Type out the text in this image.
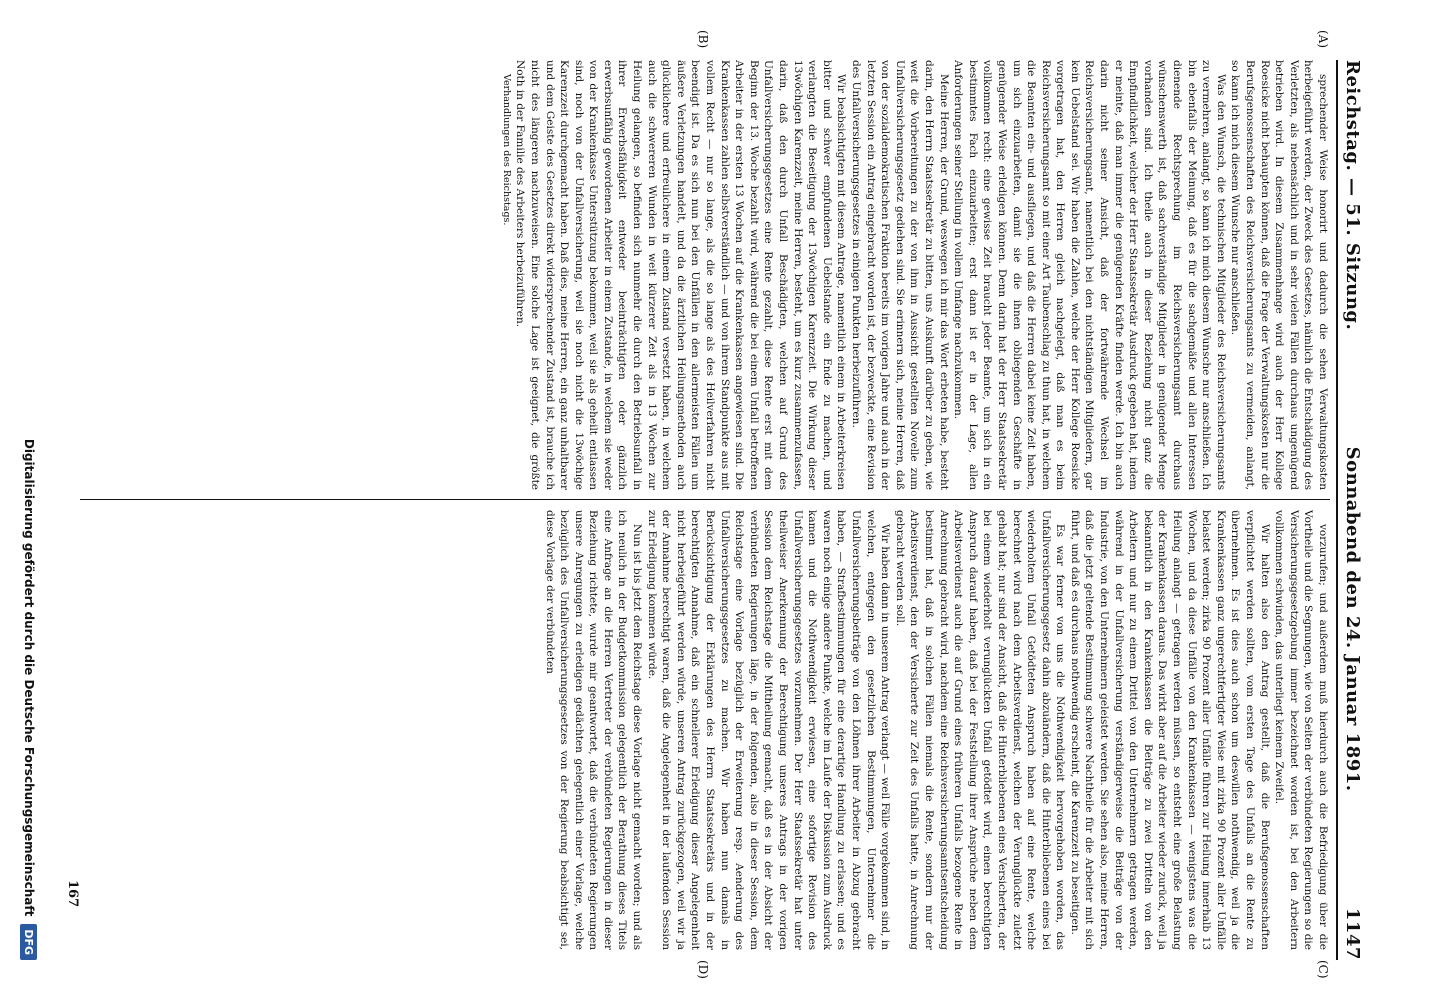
Reichstag. — 51. Sitzung.
Sonnabend den 24. Januar 1891.
1147
(A)
(B)
(C)
(D)

sprechender Weise honorirt und dadurch die sehen Verwaltungskosten herbeigeführt werden, der Zweck des Gesetzes, nämlich die Entschädigung des Verletzten, als nebensächlich und in sehr vielen Fällen durchaus ungenügend betrieben wird. In diesem Zusammenhange wird auch der Herr Kollege Roesicke nicht behaupten können, daß die Frage der Verwaltungskosten nur die Berufsgenossenschaften des Reichsversicherungsamts zu vermeiden, anlangt, so kann ich mich diesem Wunsche nur anschließen.

Was den Wunsch, die technischen Mitglieder des Reichsversicherungsamts zu vermehren, anlangt, so kann ich mich diesem Wunsche nur anschließen. Ich bin ebenfalls der Meinung, daß es für die sachgemäße und allen Interessen dienende Rechtsprechung im Reichsversicherungsamt durchaus wünschenswerth ist, daß sachverständige Mitglieder in genügender Menge vorhanden sind. Ich theile auch in dieser Beziehung nicht ganz die Empfindlichkeit, welcher der Herr Staatssekretär Ausdruck gegeben hat, indem er meinte, daß man immer die genügenden Kräfte finden werde. Ich bin auch darin nicht seiner Ansicht, daß der fortwährende Wechsel im Reichsversicherungsamt, namentlich bei den nichtständigen Mitgliedern, gar kein Uebelstand sei. Wir haben die Zahlen, welche der Herr Kollege Roesicke vorgetragen hat, den Herren gleich nachgelegt, daß man es beim Reichsversicherungsamt so mit einer Art Taubenschlag zu thun hat, in welchem die Beamten ein- und ausfliegen, und daß die Herren dabei keine Zeit haben, um sich einzuarbeiten, damit sie die ihnen obliegenden Geschäfte in genügender Weise erledigen können. Denn darin hat der Herr Staatssekretär vollkommen recht: eine gewisse Zeit braucht jeder Beamte, um sich in ein bestimmtes Fach einzuarbeiten; erst dann ist er in der Lage, allen Anforderungen seiner Stellung in vollem Umfange nachzukommen.

Meine Herren, der Grund, weswegen ich mir das Wort erbeten habe, besteht darin, den Herrn Staatssekretär zu bitten, uns Auskunft darüber zu geben, wie weit die Vorbereitungen zu der von ihm in Aussicht gestellten Novelle zum Unfallversicherungsgesetz gediehen sind. Sie erinnern sich, meine Herren, daß von der sozialdemokratischen Fraktion bereits im vorigen Jahre und auch in der letzten Session ein Antrag eingebracht worden ist, der bezweckte, eine Revision des Unfallversicherungsgesetzes in einigen Punkten herbeizuführen.

Wir beabsichtigten mit diesem Antrage, namentlich einem in Arbeiterkreisen bitter und schwer empfundenen Uebelstande ein Ende zu machen, und verlangten die Beseitigung der 13wöchigen Karenzzeit. Die Wirkung dieser 13wöchigen Karenzzeit, meine Herren, besteht, um es kurz zusammenzufassen, darin, daß den durch Unfall Beschädigten, welchen auf Grund des Unfallversicherungsgesetzes eine Rente gezahlt, diese Rente erst mit dem Beginn der 13. Woche bezahlt wird, während die bei einem Unfall betroffenen Arbeiter in der ersten 13 Wochen auf die Krankenkassen angewiesen sind. Die Krankenkassen zahlen selbstverständlich — und von ihrem Standpunkte aus mit vollem Recht — nur so lange, als die so lange als des Heilverfahren nicht beendigt ist. Da es sich nun bei den Unfällen in den allermeisten Fällen um äußere Verletzungen handelt, und da die ärztlichen Heilungsmethoden auch glücklichere und erfreulichere in einem Zustand versetzt haben, in welchem auch die schwereren Wunden in weit kürzerer Zeit als in 13 Wochen zur Heilung gelangen, so befinden sich nunmehr die durch den Betriebsunfall in ihrer Erwerbsfähigkeit entweder beeinträchtigten oder gänzlich erwerbsunfähig gewordenen Arbeiter in einem Zustande, in welchem sie weder von der Krankenkasse Unterstützung bekommen, weil sie als geheilt entlassen sind, noch von der Unfallversicherung, weil sie noch nicht die 13wöchige Karenzzeit durchgemacht haben. Daß dies, meine Herren, ein ganz unhaltbarer und dem Geiste des Gesetzes direkt widersprechender Zustand ist, brauche ich nicht des längeren nachzuweisen. Eine solche Lage ist geeignet, die größte Noth in der Familie des Arbeiters herbeizuführen.

Verhandlungen des Reichstags.

vorzurufen; und außerdem muß hierdurch auch die Befriedigung über die Vortheile und die Segnungen, wie von Seiten der verbündeten Regierungen so die Versicherungsgesetzgebung immer bezeichnet worden ist, bei den Arbeitern vollkommen schwinden, das unterliegt keinem Zweifel.

Wir halten also den Antrag gestellt, daß die Berufsgenossenschaften verpflichtet werden sollten, vom ersten Tage des Unfalls an die Rente zu übernehmen. Es ist dies auch schon um deswillen nothwendig, weil ja die Krankenkassen ganz ungerechtfertigter Weise mit zirka 90 Prozent aller Unfälle belastet werden; zirka 90 Prozent aller Unfälle führen zur Heilung innerhalb 13 Wochen, und da diese Unfälle von den Krankenkassen — wenigstens was die Heilung anlangt — getragen werden müssen, so entsteht eine große Belastung der Krankenkassen daraus. Das wirkt aber auf die Arbeiter wieder zurück, weil ja bekanntlich in den Krankenkassen die Beiträge zu zwei Dritteln von den Arbeitern und nur zu einem Drittel von den Unternehmern getragen werden, während in der Unfallversicherung verständigerweise die Beiträge von der Industrie, von den Unternehmern geleistet werden. Sie sehen also, meine Herren, daß die jetzt geltende Bestimmung schwere Nachtheile für die Arbeiter mit sich führt, und daß es durchaus nothwendig erscheint, die Karenzzeit zu beseitigen.

Es war ferner von uns die Nothwendigkeit hervorgehoben worden, das Unfallversicherungsgesetz dahin abzuändern, daß die Hinterbliebenen eines bei wiederholtem Unfall Getödteten Anspruch haben auf eine Rente, welche berechnet wird nach dem Arbeitsverdienst, welchen der Verunglückte zuletzt gehabt hat; nur sind der Ansicht, daß die Hinterbliebenen eines Versicherten, der bei einem wiederholt verunglückten Unfall getödtet wird, einen berechtigten Anspruch darauf haben, daß bei der Feststellung ihrer Ansprüche neben dem Arbeitsverdienst auch die auf Grund eines früheren Unfalls bezogene Rente in Anrechnung gebracht wird, nachdem eine Reichsversicherungsamtsentscheidung bestimmt hat, daß in solchen Fällen niemals die Rente, sondern nur der Arbeitsverdienst, den der Versicherte zur Zeit des Unfalls hatte, in Anrechnung gebracht werden soll.

Wir haben dann in unserem Antrag verlangt — weil Fälle vorgekommen sind, in welchen, entgegen den gesetzlichen Bestimmungen, Unternehmer die Unfallversicherungsbeiträge von den Löhnen ihrer Arbeiter in Abzug gebracht haben, — Strafbestimmungen für eine derartige Handlung zu erlassen; und es waren noch einige andere Punkte, welche im Laufe der Diskussion zum Ausdruck kamen und die Nothwendigkeit erwiesen, eine sofortige Revision des Unfallversicherungsgesetzes vorzunehmen. Der Herr Staatssekretär hat unter theilweiser Anerkennung der Berechtigung unseres Antrags in der vorigen Session dem Reichstage die Mittheilung gemacht, daß es in der Absicht der verbündeten Regierungen läge, in der folgenden, also in dieser Session, dem Reichstage eine Vorlage bezüglich der Erweiterung resp. Aenderung des Unfallversicherungsgesetzes zu machen. Wir haben nun damals in Berücksichtigung der Erklärungen des Herrn Staatssekretärs und in der berechtigten Annahme, daß ein schnellerer Erledigung dieser Angelegenheit nicht herbeigeführt werden würde, unseren Antrag zurückgezogen, weil wir ja der Annahme berechtigt waren, daß die Angelegenheit in der laufenden Session zur Erledigung kommen würde.

Nun ist bis jetzt dem Reichstage diese Vorlage nicht gemacht worden; und als ich neulich in der Budgetkommission gelegentlich der Berathung dieses Titels eine Anfrage an die Herren Vertreter der verbündeten Regierungen in dieser Beziehung richtete, wurde mir geantwortet, daß die verbündeten Regierungen unsere Anregungen zu erledigen gedächten gelegentlich einer Vorlage, welche bezüglich des Unfallversicherungsgesetzes von der Regierung beabsichtigt sei, diese Vorlage der verbündeten

167
Digitalisierung gefördert durch die Deutsche Forschungsgemeinschaft
DFG
